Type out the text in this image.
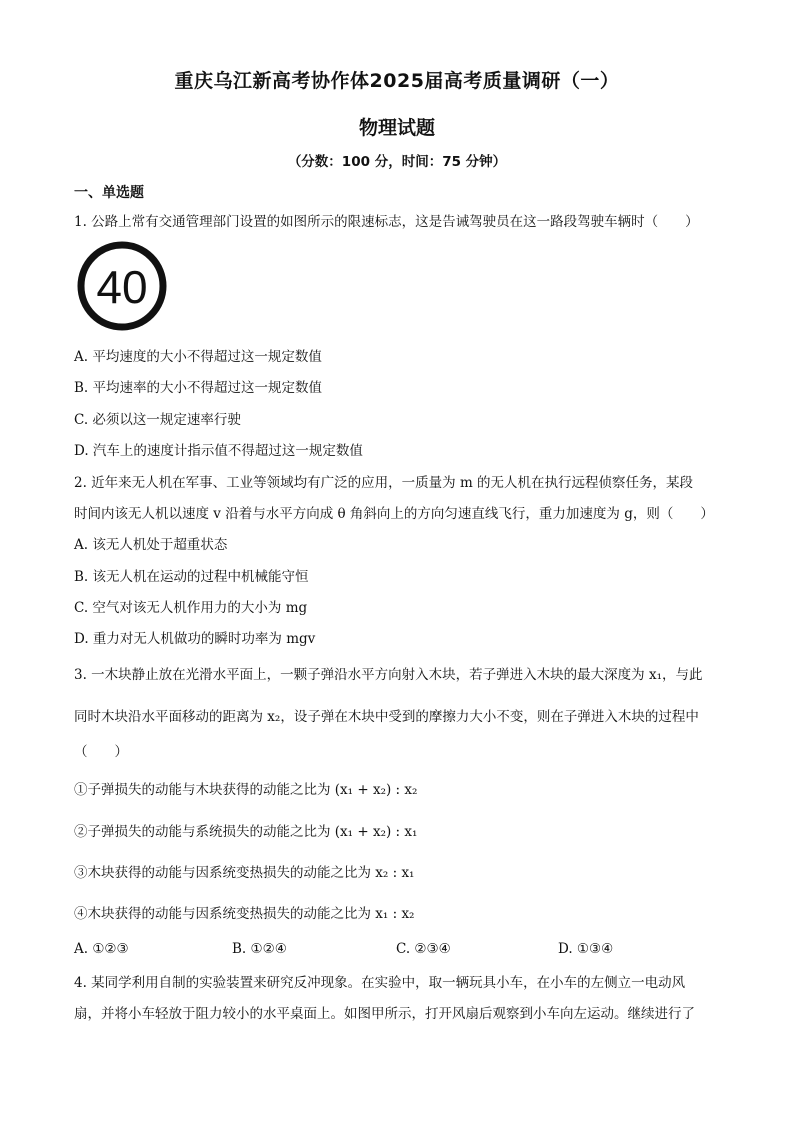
重庆乌江新高考协作体2025届高考质量调研（一）
物理试题
（分数：100 分，时间：75 分钟）
一、单选题
1. 公路上常有交通管理部门设置的如图所示的限速标志，这是告诫驾驶员在这一路段驾驶车辆时（　　）
40
A. 平均速度的大小不得超过这一规定数值
B. 平均速率的大小不得超过这一规定数值
C. 必须以这一规定速率行驶
D. 汽车上的速度计指示值不得超过这一规定数值
2. 近年来无人机在军事、工业等领域均有广泛的应用，一质量为 m 的无人机在执行远程侦察任务，某段
时间内该无人机以速度 v 沿着与水平方向成 θ 角斜向上的方向匀速直线飞行，重力加速度为 g，则（　　）
A. 该无人机处于超重状态
B. 该无人机在运动的过程中机械能守恒
C. 空气对该无人机作用力的大小为 mg
D. 重力对无人机做功的瞬时功率为 mgv
3. 一木块静止放在光滑水平面上，一颗子弹沿水平方向射入木块，若子弹进入木块的最大深度为 x₁，与此
同时木块沿水平面移动的距离为 x₂，设子弹在木块中受到的摩擦力大小不变，则在子弹进入木块的过程中
（　　）
①子弹损失的动能与木块获得的动能之比为 (x₁ + x₂) : x₂
②子弹损失的动能与系统损失的动能之比为 (x₁ + x₂) : x₁
③木块获得的动能与因系统变热损失的动能之比为 x₂ : x₁
④木块获得的动能与因系统变热损失的动能之比为 x₁ : x₂
A. ①②③	B. ①②④	C. ②③④	D. ①③④
4. 某同学利用自制的实验装置来研究反冲现象。在实验中，取一辆玩具小车，在小车的左侧立一电动风
扇，并将小车轻放于阻力较小的水平桌面上。如图甲所示，打开风扇后观察到小车向左运动。继续进行了
